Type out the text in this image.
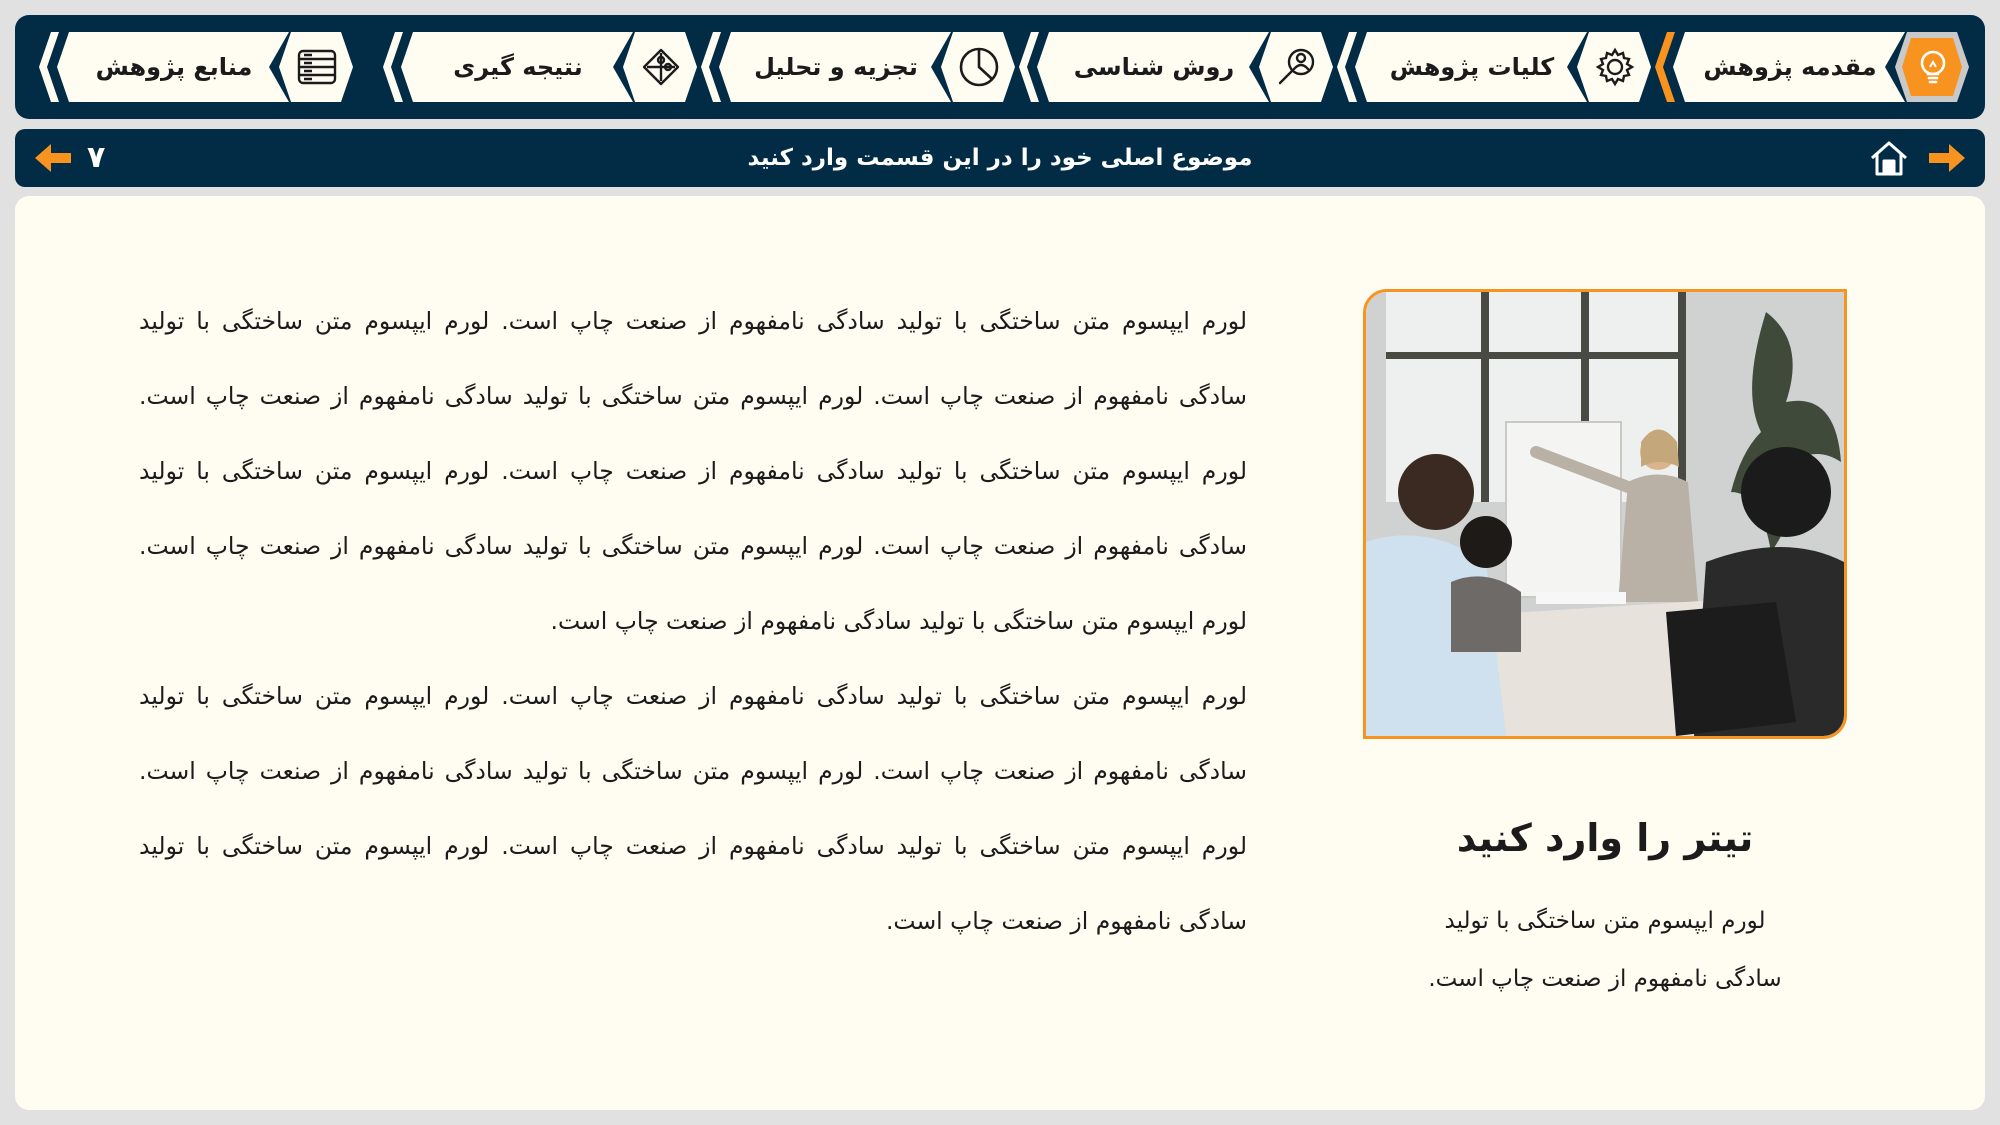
مقدمه پژوهش
کلیات پژوهش
روش شناسی
تجزیه و تحلیل
نتیجه گیری
منابع پژوهش
۷	موضوع اصلی خود را در این قسمت وارد کنید
تیتر را وارد کنید
لورم ایپسوم متن ساختگی با تولید
سادگی نامفهوم از صنعت چاپ است.
لورم ایپسوم متن ساختگی با تولید سادگی نامفهوم از صنعت چاپ است. لورم ایپسوم متن ساختگی با تولید
سادگی نامفهوم از صنعت چاپ است. لورم ایپسوم متن ساختگی با تولید سادگی نامفهوم از صنعت چاپ است.
لورم ایپسوم متن ساختگی با تولید سادگی نامفهوم از صنعت چاپ است. لورم ایپسوم متن ساختگی با تولید
سادگی نامفهوم از صنعت چاپ است. لورم ایپسوم متن ساختگی با تولید سادگی نامفهوم از صنعت چاپ است.
لورم ایپسوم متن ساختگی با تولید سادگی نامفهوم از صنعت چاپ است.
لورم ایپسوم متن ساختگی با تولید سادگی نامفهوم از صنعت چاپ است. لورم ایپسوم متن ساختگی با تولید
سادگی نامفهوم از صنعت چاپ است. لورم ایپسوم متن ساختگی با تولید سادگی نامفهوم از صنعت چاپ است.
لورم ایپسوم متن ساختگی با تولید سادگی نامفهوم از صنعت چاپ است. لورم ایپسوم متن ساختگی با تولید
سادگی نامفهوم از صنعت چاپ است.
